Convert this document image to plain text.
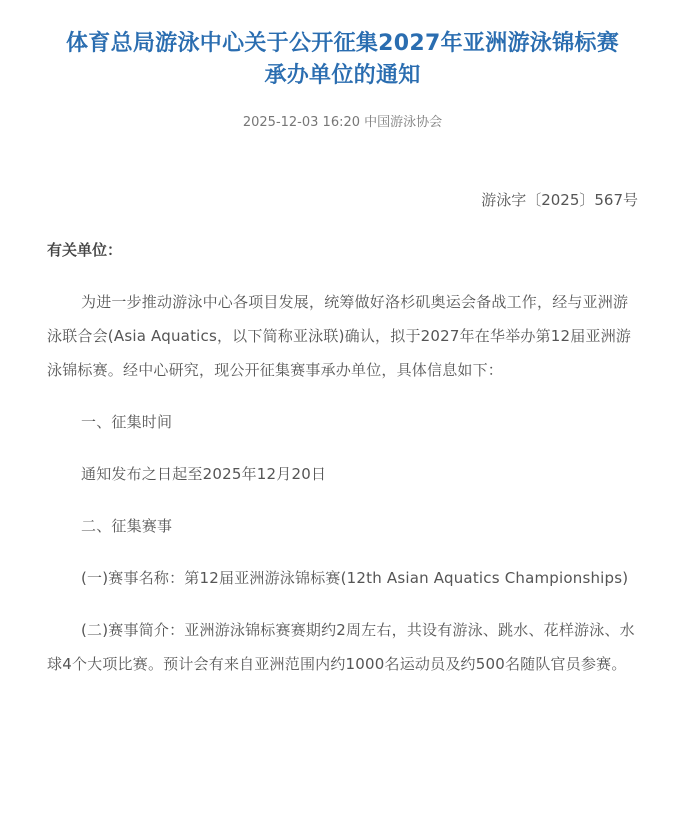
体育总局游泳中心关于公开征集2027年亚洲游泳锦标赛
承办单位的通知
2025-12-03 16:20 中国游泳协会
游泳字〔2025〕567号
有关单位：

为进一步推动游泳中心各项目发展，统筹做好洛杉矶奥运会备战工作，经与亚洲游泳联合会(Asia Aquatics，以下简称亚泳联)确认，拟于2027年在华举办第12届亚洲游泳锦标赛。经中心研究，现公开征集赛事承办单位，具体信息如下：

一、征集时间

通知发布之日起至2025年12月20日

二、征集赛事

(一)赛事名称：第12届亚洲游泳锦标赛(12th Asian Aquatics Championships)

(二)赛事简介：亚洲游泳锦标赛赛期约2周左右，共设有游泳、跳水、花样游泳、水球4个大项比赛。预计会有来自亚洲范围内约1000名运动员及约500名随队官员参赛。
